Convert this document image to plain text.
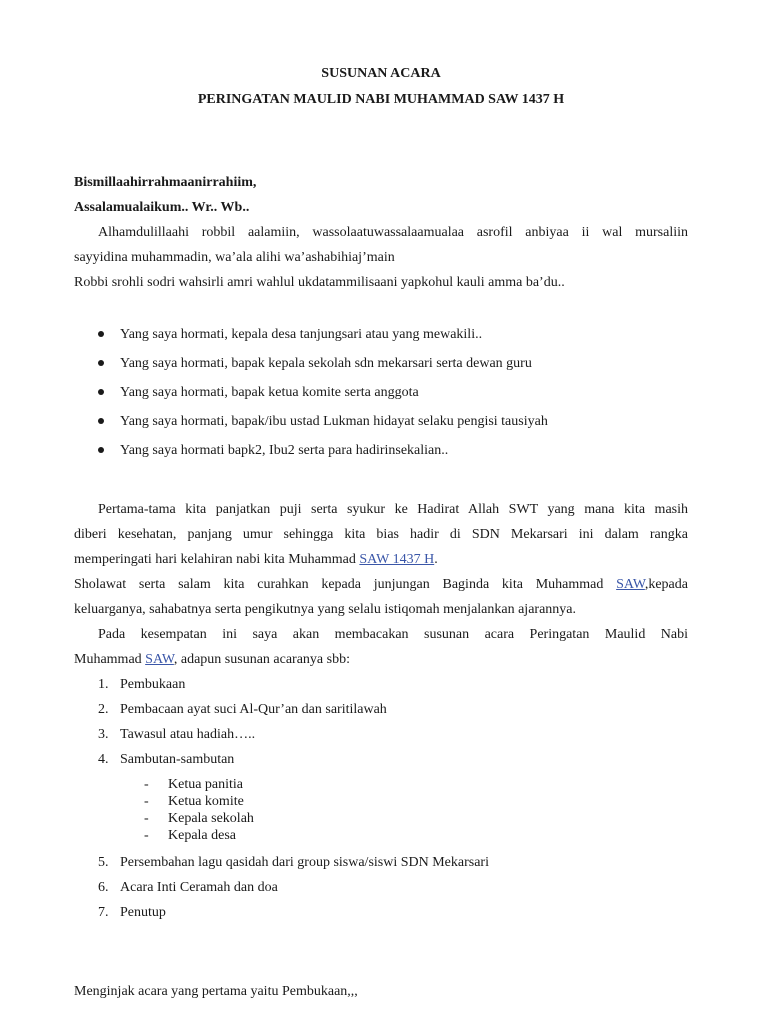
SUSUNAN ACARA
PERINGATAN MAULID NABI MUHAMMAD SAW 1437 H
Bismillaahirrahmaanirrahiim,
Assalamualaikum.. Wr.. Wb..
Alhamdulillaahi robbil aalamiin, wassolaatuwassalaamualaa asrofil anbiyaa ii wal mursaliin
sayyidina muhammadin, wa’ala alihi wa’ashabihiaj’main
Robbi srohli sodri wahsirli amri wahlul ukdatammilisaani yapkohul kauli amma ba’du..
Yang saya hormati, kepala desa tanjungsari atau yang mewakili..
Yang saya hormati, bapak kepala sekolah sdn mekarsari serta dewan guru
Yang saya hormati, bapak ketua komite serta anggota
Yang saya hormati, bapak/ibu ustad Lukman hidayat selaku pengisi tausiyah
Yang saya hormati bapk2, Ibu2 serta para hadirinsekalian..
Pertama-tama kita panjatkan puji serta syukur ke Hadirat Allah SWT yang mana kita masih
diberi kesehatan, panjang umur sehingga kita bias hadir di SDN Mekarsari ini dalam rangka
memperingati hari kelahiran nabi kita Muhammad SAW 1437 H.
Sholawat serta salam kita curahkan kepada junjungan Baginda kita Muhammad SAW,kepada
keluarganya, sahabatnya serta pengikutnya yang selalu istiqomah menjalankan ajarannya.
Pada kesempatan ini saya akan membacakan susunan acara Peringatan Maulid Nabi
Muhammad SAW, adapun susunan acaranya sbb:
1. Pembukaan
2. Pembacaan ayat suci Al-Qur’an dan saritilawah
3. Tawasul atau hadiah…..
4. Sambutan-sambutan
- Ketua panitia
- Ketua komite
- Kepala sekolah
- Kepala desa
5. Persembahan lagu qasidah dari group siswa/siswi SDN Mekarsari
6. Acara Inti Ceramah dan doa
7. Penutup
Menginjak acara yang pertama yaitu Pembukaan,,,
